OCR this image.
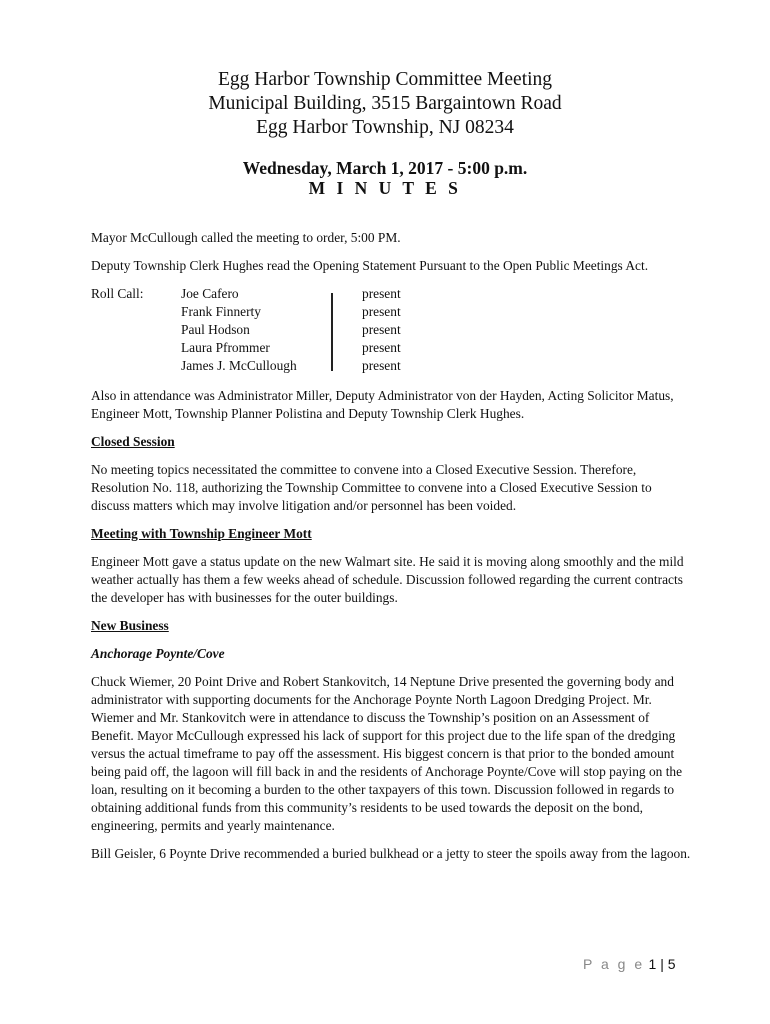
Egg Harbor Township Committee Meeting
Municipal Building, 3515 Bargaintown Road
Egg Harbor Township, NJ 08234
Wednesday, March 1, 2017 - 5:00 p.m.
M I N U T E S

Mayor McCullough called the meeting to order, 5:00 PM.

Deputy Township Clerk Hughes read the Opening Statement Pursuant to the Open Public Meetings Act.

Roll Call:	Joe Cafero
Frank Finnerty
Paul Hodson
Laura Pfrommer
James J. McCullough
present
present
present
present
present

Also in attendance was Administrator Miller, Deputy Administrator von der Hayden, Acting Solicitor Matus, Engineer Mott, Township Planner Polistina and Deputy Township Clerk Hughes.

Closed Session

No meeting topics necessitated the committee to convene into a Closed Executive Session. Therefore, Resolution No. 118, authorizing the Township Committee to convene into a Closed Executive Session to discuss matters which may involve litigation and/or personnel has been voided.

Meeting with Township Engineer Mott

Engineer Mott gave a status update on the new Walmart site. He said it is moving along smoothly and the mild weather actually has them a few weeks ahead of schedule. Discussion followed regarding the current contracts the developer has with businesses for the outer buildings.

New Business
Anchorage Poynte/Cove

Chuck Wiemer, 20 Point Drive and Robert Stankovitch, 14 Neptune Drive presented the governing body and administrator with supporting documents for the Anchorage Poynte North Lagoon Dredging Project. Mr. Wiemer and Mr. Stankovitch were in attendance to discuss the Township’s position on an Assessment of Benefit. Mayor McCullough expressed his lack of support for this project due to the life span of the dredging versus the actual timeframe to pay off the assessment. His biggest concern is that prior to the bonded amount being paid off, the lagoon will fill back in and the residents of Anchorage Poynte/Cove will stop paying on the loan, resulting on it becoming a burden to the other taxpayers of this town. Discussion followed in regards to obtaining additional funds from this community’s residents to be used towards the deposit on the bond, engineering, permits and yearly maintenance.

Bill Geisler, 6 Poynte Drive recommended a buried bulkhead or a jetty to steer the spoils away from the lagoon.

P a g e 1 | 5
